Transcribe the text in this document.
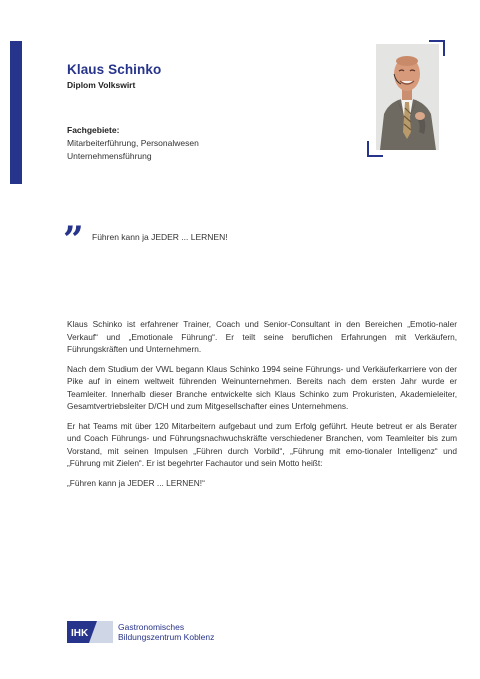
Klaus Schinko
Diplom Volkswirt
Fachgebiete:
Mitarbeiterführung, Personalwesen
Unternehmensführung
” Führen kann ja JEDER ... LERNEN!

Klaus Schinko ist erfahrener Trainer, Coach und Senior-Consultant in den Bereichen „Emotio-naler Verkauf“ und „Emotionale Führung“. Er teilt seine beruflichen Erfahrungen mit Verkäufern, Führungskräften und Unternehmern.

Nach dem Studium der VWL begann Klaus Schinko 1994 seine Führungs- und Verkäuferkarriere von der Pike auf in einem weltweit führenden Weinunternehmen. Bereits nach dem ersten Jahr wurde er Teamleiter. Innerhalb dieser Branche entwickelte sich Klaus Schinko zum Prokuristen, Akademieleiter, Gesamtvertriebsleiter D/CH und zum Mitgesellschafter eines Unternehmens.

Er hat Teams mit über 120 Mitarbeitern aufgebaut und zum Erfolg geführt. Heute betreut er als Berater und Coach Führungs- und Führungsnachwuchskräfte verschiedener Branchen, vom Teamleiter bis zum Vorstand, mit seinen Impulsen „Führen durch Vorbild“, „Führung mit emo-tionaler Intelligenz“ und „Führung mit Zielen“. Er ist begehrter Fachautor und sein Motto heißt:

„Führen kann ja JEDER ... LERNEN!“

IHK
Gastronomisches
Bildungszentrum Koblenz
